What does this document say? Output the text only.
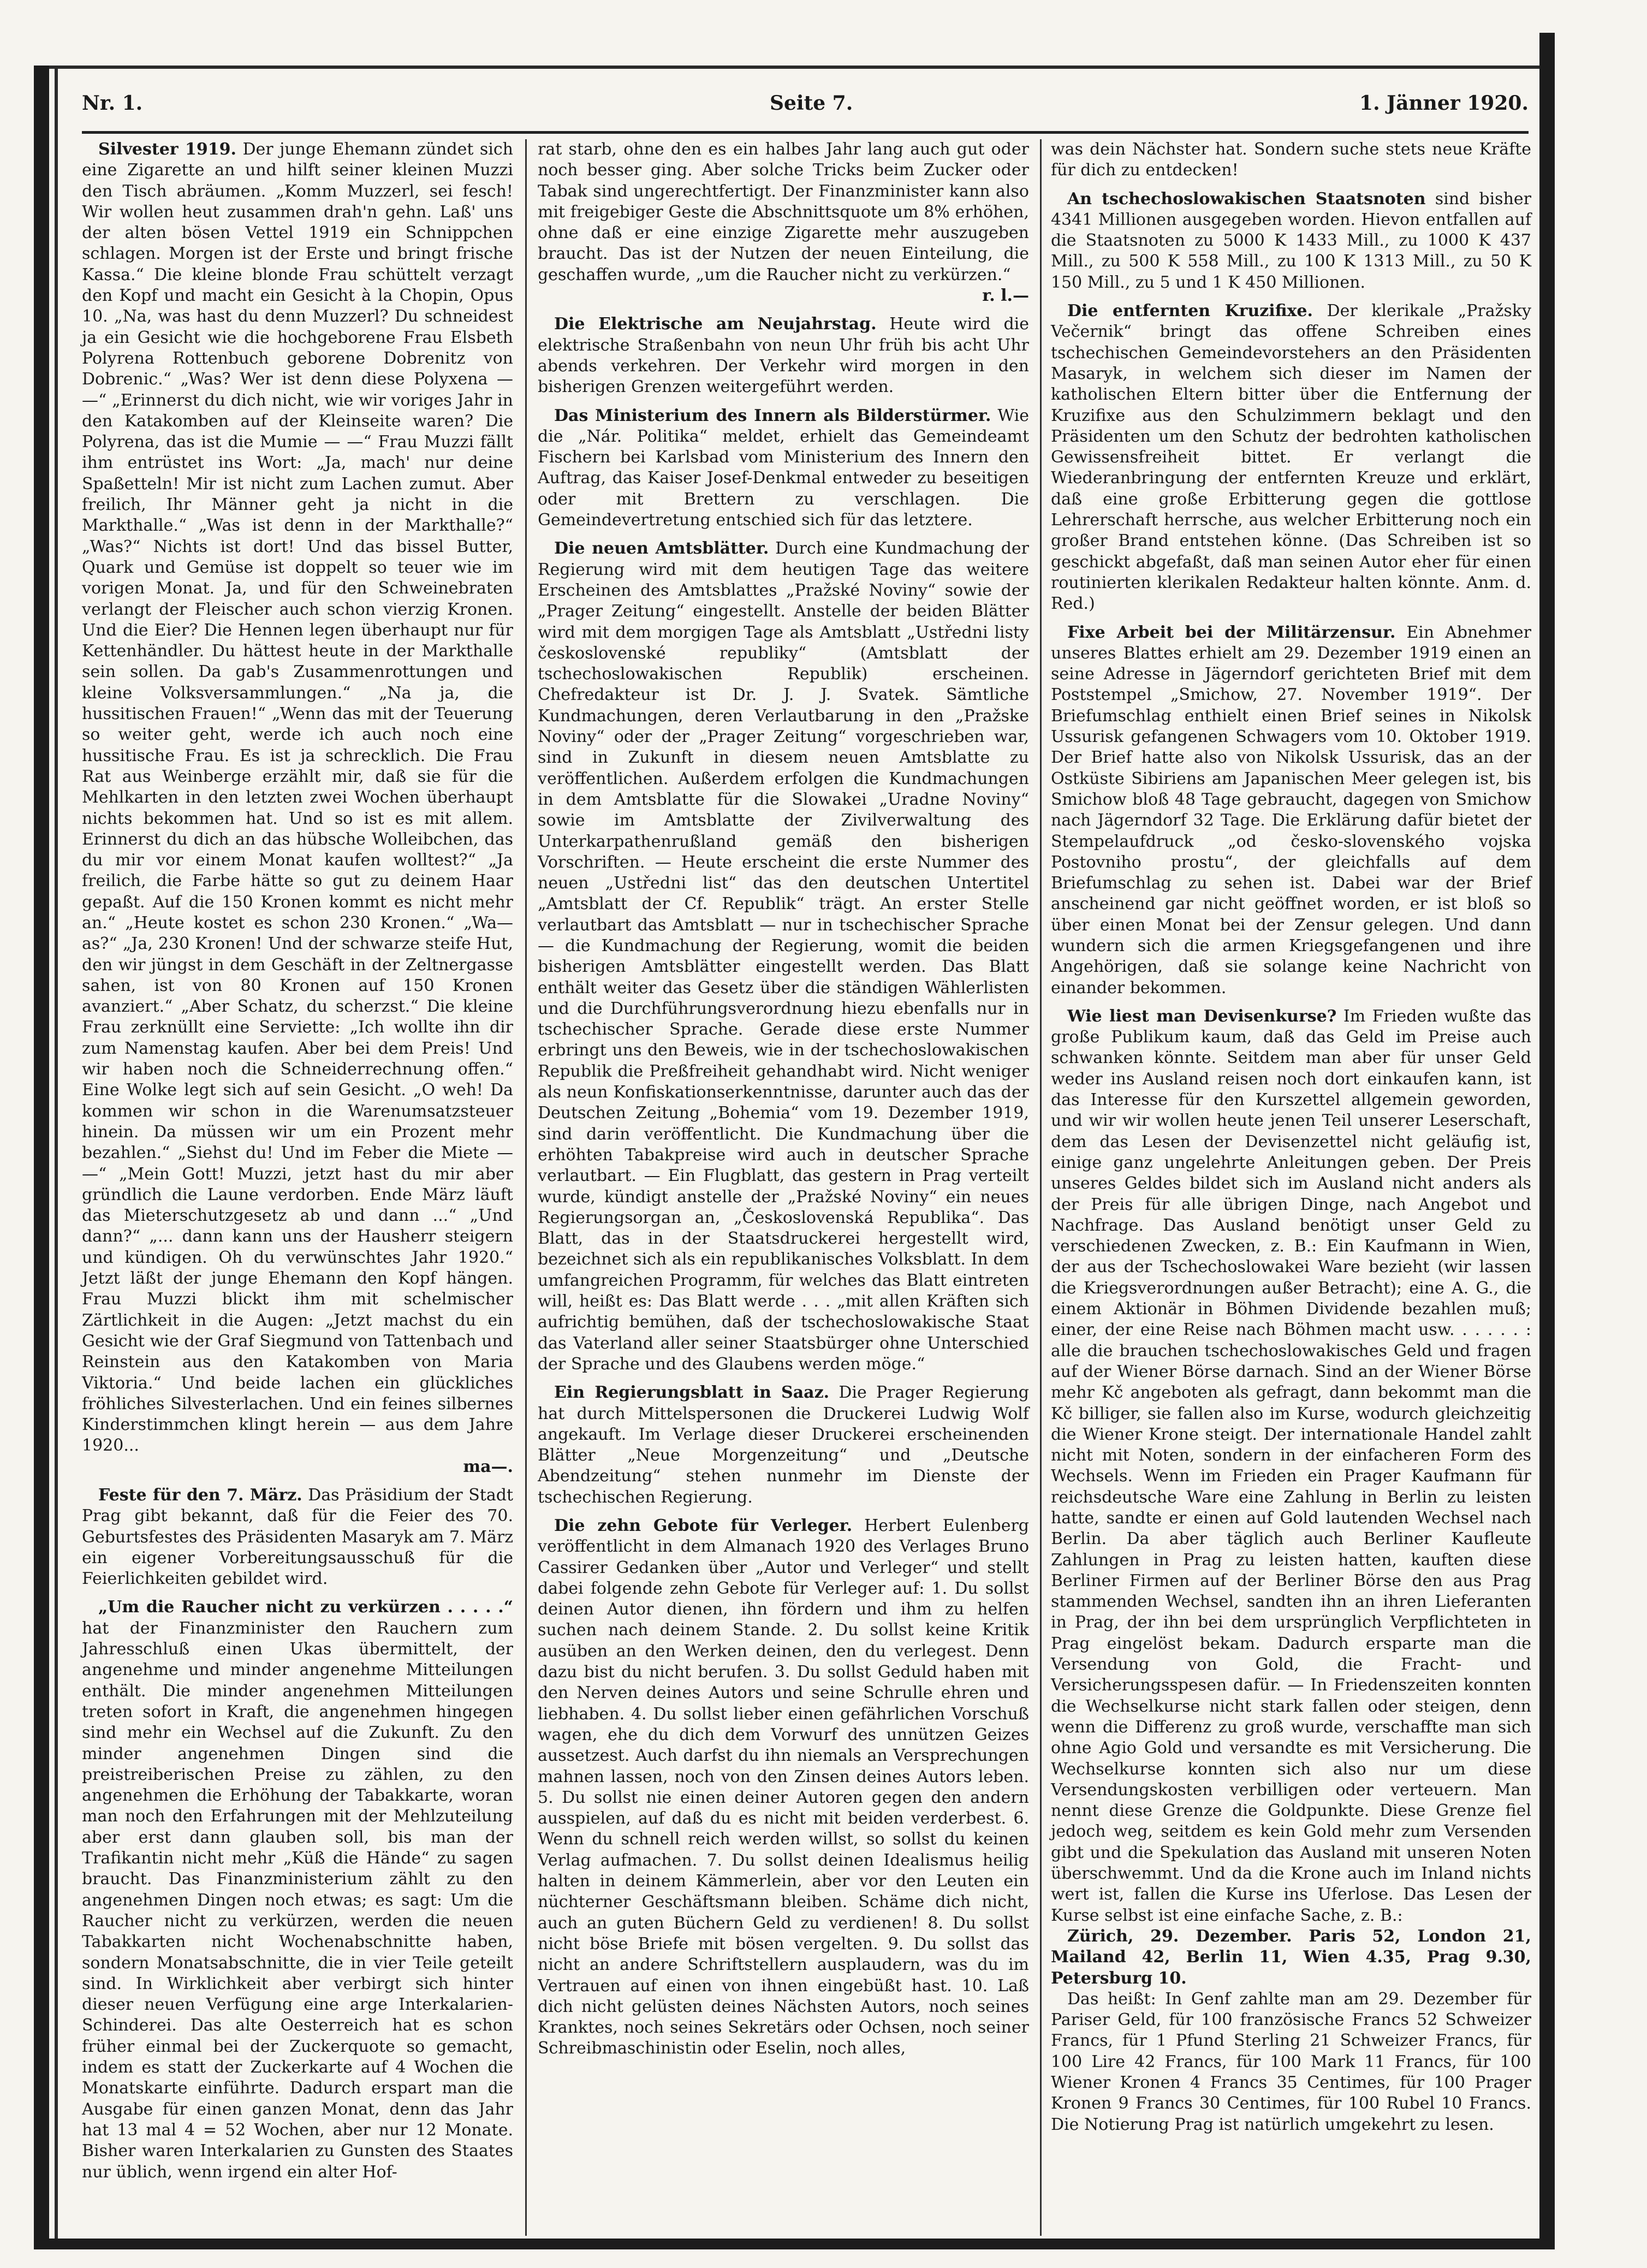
Nr. 1.	Seite 7.	1. Jänner 1920.

Silvester 1919. Der junge Ehemann zündet sich eine Zigarette an und hilft seiner kleinen Muzzi den Tisch abräumen. „Komm Muzzerl, sei fesch! Wir wollen heut zusammen drah'n gehn. Laß' uns der alten bösen Vettel 1919 ein Schnippchen schlagen. Morgen ist der Erste und bringt frische Kassa.“ Die kleine blonde Frau schüttelt verzagt den Kopf und macht ein Gesicht à la Chopin, Opus 10. „Na, was hast du denn Muzzerl? Du schneidest ja ein Gesicht wie die hochgeborene Frau Elsbeth Polyrena Rottenbuch geborene Dobrenitz von Dobrenic.“ „Was? Wer ist denn diese Polyxena — —“ „Erinnerst du dich nicht, wie wir voriges Jahr in den Katakomben auf der Kleinseite waren? Die Polyrena, das ist die Mumie — —“ Frau Muzzi fällt ihm entrüstet ins Wort: „Ja, mach' nur deine Spaßetteln! Mir ist nicht zum Lachen zumut. Aber freilich, Ihr Männer geht ja nicht in die Markthalle.“ „Was ist denn in der Markthalle?“ „Was?“ Nichts ist dort! Und das bissel Butter, Quark und Gemüse ist doppelt so teuer wie im vorigen Monat. Ja, und für den Schweinebraten verlangt der Fleischer auch schon vierzig Kronen. Und die Eier? Die Hennen legen überhaupt nur für Kettenhändler. Du hättest heute in der Markthalle sein sollen. Da gab's Zusammenrottungen und kleine Volksversammlungen.“ „Na ja, die hussitischen Frauen!“ „Wenn das mit der Teuerung so weiter geht, werde ich auch noch eine hussitische Frau. Es ist ja schrecklich. Die Frau Rat aus Weinberge erzählt mir, daß sie für die Mehlkarten in den letzten zwei Wochen überhaupt nichts bekommen hat. Und so ist es mit allem. Erinnerst du dich an das hübsche Wolleibchen, das du mir vor einem Monat kaufen wolltest?“ „Ja freilich, die Farbe hätte so gut zu deinem Haar gepaßt. Auf die 150 Kronen kommt es nicht mehr an.“ „Heute kostet es schon 230 Kronen.“ „Wa—as?“ „Ja, 230 Kronen! Und der schwarze steife Hut, den wir jüngst in dem Geschäft in der Zeltnergasse sahen, ist von 80 Kronen auf 150 Kronen avanziert.“ „Aber Schatz, du scherzst.“ Die kleine Frau zerknüllt eine Serviette: „Ich wollte ihn dir zum Namenstag kaufen. Aber bei dem Preis! Und wir haben noch die Schneiderrechnung offen.“ Eine Wolke legt sich auf sein Gesicht. „O weh! Da kommen wir schon in die Warenumsatzsteuer hinein. Da müssen wir um ein Prozent mehr bezahlen.“ „Siehst du! Und im Feber die Miete — —“ „Mein Gott! Muzzi, jetzt hast du mir aber gründlich die Laune verdorben. Ende März läuft das Mieterschutzgesetz ab und dann ...“ „Und dann?“ „... dann kann uns der Hausherr steigern und kündigen. Oh du verwünschtes Jahr 1920.“ Jetzt läßt der junge Ehemann den Kopf hängen. Frau Muzzi blickt ihm mit schelmischer Zärtlichkeit in die Augen: „Jetzt machst du ein Gesicht wie der Graf Siegmund von Tattenbach und Reinstein aus den Katakomben von Maria Viktoria.“ Und beide lachen ein glückliches fröhliches Silvesterlachen. Und ein feines silbernes Kinderstimmchen klingt herein — aus dem Jahre 1920...

ma—.

Feste für den 7. März. Das Präsidium der Stadt Prag gibt bekannt, daß für die Feier des 70. Geburtsfestes des Präsidenten Masaryk am 7. März ein eigener Vorbereitungsausschuß für die Feierlichkeiten gebildet wird.

„Um die Raucher nicht zu verkürzen . . . . .“ hat der Finanzminister den Rauchern zum Jahresschluß einen Ukas übermittelt, der angenehme und minder angenehme Mitteilungen enthält. Die minder angenehmen Mitteilungen treten sofort in Kraft, die angenehmen hingegen sind mehr ein Wechsel auf die Zukunft. Zu den minder angenehmen Dingen sind die preistreiberischen Preise zu zählen, zu den angenehmen die Erhöhung der Tabakkarte, woran man noch den Erfahrungen mit der Mehlzuteilung aber erst dann glauben soll, bis man der Trafikantin nicht mehr „Küß die Hände“ zu sagen braucht. Das Finanzministerium zählt zu den angenehmen Dingen noch etwas; es sagt: Um die Raucher nicht zu verkürzen, werden die neuen Tabakkarten nicht Wochenabschnitte haben, sondern Monatsabschnitte, die in vier Teile geteilt sind. In Wirklichkeit aber verbirgt sich hinter dieser neuen Verfügung eine arge Interkalarien-Schinderei. Das alte Oesterreich hat es schon früher einmal bei der Zuckerquote so gemacht, indem es statt der Zuckerkarte auf 4 Wochen die Monatskarte einführte. Dadurch erspart man die Ausgabe für einen ganzen Monat, denn das Jahr hat 13 mal 4 = 52 Wochen, aber nur 12 Monate. Bisher waren Interkalarien zu Gunsten des Staates nur üblich, wenn irgend ein alter Hof-

rat starb, ohne den es ein halbes Jahr lang auch gut oder noch besser ging. Aber solche Tricks beim Zucker oder Tabak sind ungerechtfertigt. Der Finanzminister kann also mit freigebiger Geste die Abschnittsquote um 8% erhöhen, ohne daß er eine einzige Zigarette mehr auszugeben braucht. Das ist der Nutzen der neuen Einteilung, die geschaffen wurde, „um die Raucher nicht zu verkürzen.“

r. l.—

Die Elektrische am Neujahrstag. Heute wird die elektrische Straßenbahn von neun Uhr früh bis acht Uhr abends verkehren. Der Verkehr wird morgen in den bisherigen Grenzen weitergeführt werden.

Das Ministerium des Innern als Bilderstürmer. Wie die „Nár. Politika“ meldet, erhielt das Gemeindeamt Fischern bei Karlsbad vom Ministerium des Innern den Auftrag, das Kaiser Josef-Denkmal entweder zu beseitigen oder mit Brettern zu verschlagen. Die Gemeindevertretung entschied sich für das letztere.

Die neuen Amtsblätter. Durch eine Kundmachung der Regierung wird mit dem heutigen Tage das weitere Erscheinen des Amtsblattes „Pražské Noviny“ sowie der „Prager Zeitung“ eingestellt. Anstelle der beiden Blätter wird mit dem morgigen Tage als Amtsblatt „Ustředni listy československé republiky“ (Amtsblatt der tschechoslowakischen Republik) erscheinen. Chefredakteur ist Dr. J. J. Svatek. Sämtliche Kundmachungen, deren Verlautbarung in den „Pražske Noviny“ oder der „Prager Zeitung“ vorgeschrieben war, sind in Zukunft in diesem neuen Amtsblatte zu veröffentlichen. Außerdem erfolgen die Kundmachungen in dem Amtsblatte für die Slowakei „Uradne Noviny“ sowie im Amtsblatte der Zivilverwaltung des Unterkarpathenrußland gemäß den bisherigen Vorschriften. — Heute erscheint die erste Nummer des neuen „Ustředni list“ das den deutschen Untertitel „Amtsblatt der Cf. Republik“ trägt. An erster Stelle verlautbart das Amtsblatt — nur in tschechischer Sprache — die Kundmachung der Regierung, womit die beiden bisherigen Amtsblätter eingestellt werden. Das Blatt enthält weiter das Gesetz über die ständigen Wählerlisten und die Durchführungsverordnung hiezu ebenfalls nur in tschechischer Sprache. Gerade diese erste Nummer erbringt uns den Beweis, wie in der tschechoslowakischen Republik die Preßfreiheit gehandhabt wird. Nicht weniger als neun Konfiskationserkenntnisse, darunter auch das der Deutschen Zeitung „Bohemia“ vom 19. Dezember 1919, sind darin veröffentlicht. Die Kundmachung über die erhöhten Tabakpreise wird auch in deutscher Sprache verlautbart. — Ein Flugblatt, das gestern in Prag verteilt wurde, kündigt anstelle der „Pražské Noviny“ ein neues Regierungsorgan an, „Československá Republika“. Das Blatt, das in der Staatsdruckerei hergestellt wird, bezeichnet sich als ein republikanisches Volksblatt. In dem umfangreichen Programm, für welches das Blatt eintreten will, heißt es: Das Blatt werde . . . „mit allen Kräften sich aufrichtig bemühen, daß der tschechoslowakische Staat das Vaterland aller seiner Staatsbürger ohne Unterschied der Sprache und des Glaubens werden möge.“

Ein Regierungsblatt in Saaz. Die Prager Regierung hat durch Mittelspersonen die Druckerei Ludwig Wolf angekauft. Im Verlage dieser Druckerei erscheinenden Blätter „Neue Morgenzeitung“ und „Deutsche Abendzeitung“ stehen nunmehr im Dienste der tschechischen Regierung.

Die zehn Gebote für Verleger. Herbert Eulenberg veröffentlicht in dem Almanach 1920 des Verlages Bruno Cassirer Gedanken über „Autor und Verleger“ und stellt dabei folgende zehn Gebote für Verleger auf: 1. Du sollst deinen Autor dienen, ihn fördern und ihm zu helfen suchen nach deinem Stande. 2. Du sollst keine Kritik ausüben an den Werken deinen, den du verlegest. Denn dazu bist du nicht berufen. 3. Du sollst Geduld haben mit den Nerven deines Autors und seine Schrulle ehren und liebhaben. 4. Du sollst lieber einen gefährlichen Vorschuß wagen, ehe du dich dem Vorwurf des unnützen Geizes aussetzest. Auch darfst du ihn niemals an Versprechungen mahnen lassen, noch von den Zinsen deines Autors leben. 5. Du sollst nie einen deiner Autoren gegen den andern ausspielen, auf daß du es nicht mit beiden verderbest. 6. Wenn du schnell reich werden willst, so sollst du keinen Verlag aufmachen. 7. Du sollst deinen Idealismus heilig halten in deinem Kämmerlein, aber vor den Leuten ein nüchterner Geschäftsmann bleiben. Schäme dich nicht, auch an guten Büchern Geld zu verdienen! 8. Du sollst nicht böse Briefe mit bösen vergelten. 9. Du sollst das nicht an andere Schriftstellern ausplaudern, was du im Vertrauen auf einen von ihnen eingebüßt hast. 10. Laß dich nicht gelüsten deines Nächsten Autors, noch seines Kranktes, noch seines Sekretärs oder Ochsen, noch seiner Schreibmaschinistin oder Eselin, noch alles,

was dein Nächster hat. Sondern suche stets neue Kräfte für dich zu entdecken!

An tschechoslowakischen Staatsnoten sind bisher 4341 Millionen ausgegeben worden. Hievon entfallen auf die Staatsnoten zu 5000 K 1433 Mill., zu 1000 K 437 Mill., zu 500 K 558 Mill., zu 100 K 1313 Mill., zu 50 K 150 Mill., zu 5 und 1 K 450 Millionen.

Die entfernten Kruzifixe. Der klerikale „Pražsky Večernik“ bringt das offene Schreiben eines tschechischen Gemeindevorstehers an den Präsidenten Masaryk, in welchem sich dieser im Namen der katholischen Eltern bitter über die Entfernung der Kruzifixe aus den Schulzimmern beklagt und den Präsidenten um den Schutz der bedrohten katholischen Gewissensfreiheit bittet. Er verlangt die Wiederanbringung der entfernten Kreuze und erklärt, daß eine große Erbitterung gegen die gottlose Lehrerschaft herrsche, aus welcher Erbitterung noch ein großer Brand entstehen könne. (Das Schreiben ist so geschickt abgefaßt, daß man seinen Autor eher für einen routinierten klerikalen Redakteur halten könnte. Anm. d. Red.)

Fixe Arbeit bei der Militärzensur. Ein Abnehmer unseres Blattes erhielt am 29. Dezember 1919 einen an seine Adresse in Jägerndorf gerichteten Brief mit dem Poststempel „Smichow, 27. November 1919“. Der Briefumschlag enthielt einen Brief seines in Nikolsk Ussurisk gefangenen Schwagers vom 10. Oktober 1919. Der Brief hatte also von Nikolsk Ussurisk, das an der Ostküste Sibiriens am Japanischen Meer gelegen ist, bis Smichow bloß 48 Tage gebraucht, dagegen von Smichow nach Jägerndorf 32 Tage. Die Erklärung dafür bietet der Stempelaufdruck „od česko-slovenského vojska Postovniho prostu“, der gleichfalls auf dem Briefumschlag zu sehen ist. Dabei war der Brief anscheinend gar nicht geöffnet worden, er ist bloß so über einen Monat bei der Zensur gelegen. Und dann wundern sich die armen Kriegsgefangenen und ihre Angehörigen, daß sie solange keine Nachricht von einander bekommen.

Wie liest man Devisenkurse? Im Frieden wußte das große Publikum kaum, daß das Geld im Preise auch schwanken könnte. Seitdem man aber für unser Geld weder ins Ausland reisen noch dort einkaufen kann, ist das Interesse für den Kurszettel allgemein geworden, und wir wir wollen heute jenen Teil unserer Leserschaft, dem das Lesen der Devisenzettel nicht geläufig ist, einige ganz ungelehrte Anleitungen geben. Der Preis unseres Geldes bildet sich im Ausland nicht anders als der Preis für alle übrigen Dinge, nach Angebot und Nachfrage. Das Ausland benötigt unser Geld zu verschiedenen Zwecken, z. B.: Ein Kaufmann in Wien, der aus der Tschechoslowakei Ware bezieht (wir lassen die Kriegsverordnungen außer Betracht); eine A. G., die einem Aktionär in Böhmen Dividende bezahlen muß; einer, der eine Reise nach Böhmen macht usw. . . . . . : alle die brauchen tschechoslowakisches Geld und fragen auf der Wiener Börse darnach. Sind an der Wiener Börse mehr Kč angeboten als gefragt, dann bekommt man die Kč billiger, sie fallen also im Kurse, wodurch gleichzeitig die Wiener Krone steigt. Der internationale Handel zahlt nicht mit Noten, sondern in der einfacheren Form des Wechsels. Wenn im Frieden ein Prager Kaufmann für reichsdeutsche Ware eine Zahlung in Berlin zu leisten hatte, sandte er einen auf Gold lautenden Wechsel nach Berlin. Da aber täglich auch Berliner Kaufleute Zahlungen in Prag zu leisten hatten, kauften diese Berliner Firmen auf der Berliner Börse den aus Prag stammenden Wechsel, sandten ihn an ihren Lieferanten in Prag, der ihn bei dem ursprünglich Verpflichteten in Prag eingelöst bekam. Dadurch ersparte man die Versendung von Gold, die Fracht- und Versicherungsspesen dafür. — In Friedenszeiten konnten die Wechselkurse nicht stark fallen oder steigen, denn wenn die Differenz zu groß wurde, verschaffte man sich ohne Agio Gold und versandte es mit Versicherung. Die Wechselkurse konnten sich also nur um diese Versendungskosten verbilligen oder verteuern. Man nennt diese Grenze die Goldpunkte. Diese Grenze fiel jedoch weg, seitdem es kein Gold mehr zum Versenden gibt und die Spekulation das Ausland mit unseren Noten überschwemmt. Und da die Krone auch im Inland nichts wert ist, fallen die Kurse ins Uferlose. Das Lesen der Kurse selbst ist eine einfache Sache, z. B.:

Zürich, 29. Dezember. Paris 52, London 21, Mailand 42, Berlin 11, Wien 4.35, Prag 9.30, Petersburg 10.

Das heißt: In Genf zahlte man am 29. Dezember für Pariser Geld, für 100 französische Francs 52 Schweizer Francs, für 1 Pfund Sterling 21 Schweizer Francs, für 100 Lire 42 Francs, für 100 Mark 11 Francs, für 100 Wiener Kronen 4 Francs 35 Centimes, für 100 Prager Kronen 9 Francs 30 Centimes, für 100 Rubel 10 Francs. Die Notierung Prag ist natürlich umgekehrt zu lesen.
